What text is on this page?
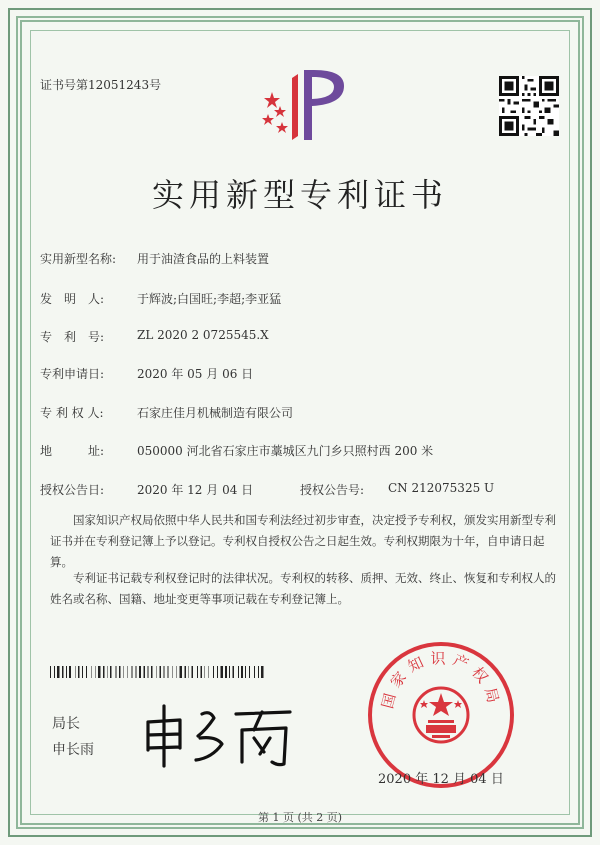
证书号第12051243号
实用新型专利证书
实用新型名称: 用于油渣食品的上料装置
发　明　人:	于辉波;白国旺;李超;李亚猛
专　利　号:	ZL 2020 2 0725545.X
专利申请日:	2020 年 05 月 06 日
专 利 权 人:	石家庄佳月机械制造有限公司
地　　　址:	050000 河北省石家庄市藁城区九门乡只照村西 200 米
授权公告日:	2020 年 12 月 04 日	授权公告号: CN 212075325 U
　　国家知识产权局依照中华人民共和国专利法经过初步审查，决定授予专利权，颁发实用新型专利证书并在专利登记簿上予以登记。专利权自授权公告之日起生效。专利权期限为十年，自申请日起算。
　　专利证书记载专利权登记时的法律状况。专利权的转移、质押、无效、终止、恢复和专利权人的姓名或名称、国籍、地址变更等事项记载在专利登记簿上。
局长
申长雨
国家知识产权局
2020 年 12 月 04 日
第 1 页 (共 2 页)
